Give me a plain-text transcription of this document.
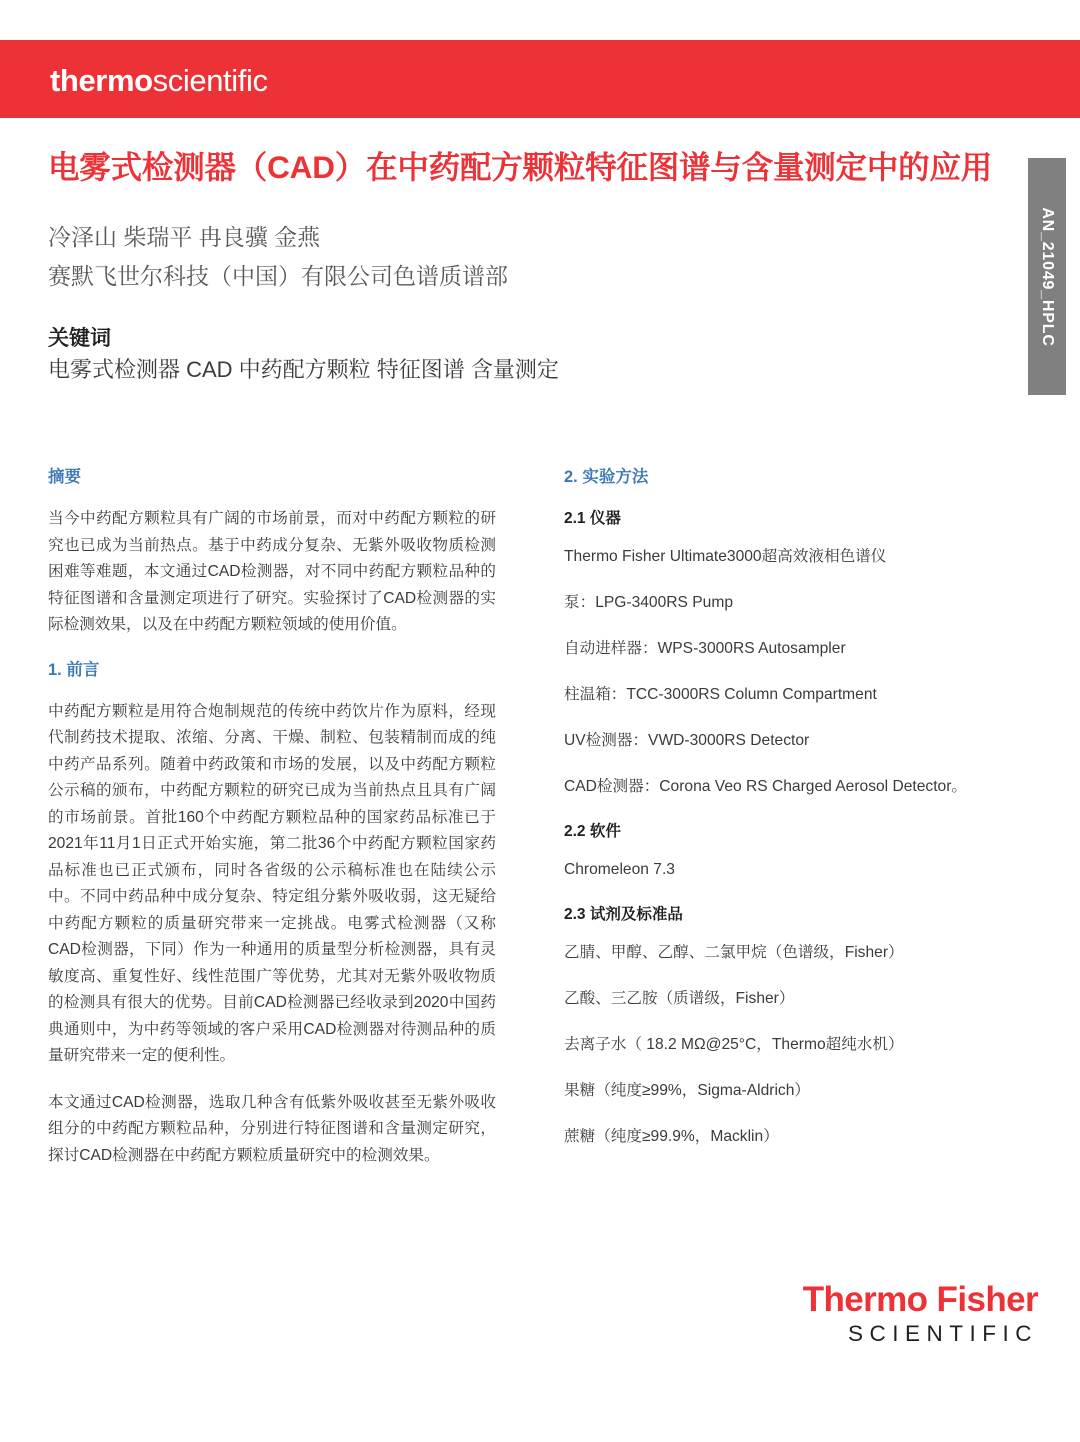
thermoscientific
AN_21049_HPLC
电雾式检测器（CAD）在中药配方颗粒特征图谱与含量测定中的应用
冷泽山 柴瑞平 冉良骥 金燕
赛默飞世尔科技（中国）有限公司色谱质谱部
关键词
电雾式检测器 CAD 中药配方颗粒 特征图谱 含量测定
摘要

当今中药配方颗粒具有广阔的市场前景，而对中药配方颗粒的研究也已成为当前热点。基于中药成分复杂、无紫外吸收物质检测困难等难题，本文通过CAD检测器，对不同中药配方颗粒品种的特征图谱和含量测定项进行了研究。实验探讨了CAD检测器的实际检测效果，以及在中药配方颗粒领域的使用价值。

1. 前言

中药配方颗粒是用符合炮制规范的传统中药饮片作为原料，经现代制药技术提取、浓缩、分离、干燥、制粒、包装精制而成的纯中药产品系列。随着中药政策和市场的发展，以及中药配方颗粒公示稿的颁布，中药配方颗粒的研究已成为当前热点且具有广阔的市场前景。首批160个中药配方颗粒品种的国家药品标准已于2021年11月1日正式开始实施，第二批36个中药配方颗粒国家药品标准也已正式颁布，同时各省级的公示稿标准也在陆续公示中。不同中药品种中成分复杂、特定组分紫外吸收弱，这无疑给中药配方颗粒的质量研究带来一定挑战。电雾式检测器（又称CAD检测器，下同）作为一种通用的质量型分析检测器，具有灵敏度高、重复性好、线性范围广等优势，尤其对无紫外吸收物质的检测具有很大的优势。目前CAD检测器已经收录到2020中国药典通则中，为中药等领域的客户采用CAD检测器对待测品种的质量研究带来一定的便利性。

本文通过CAD检测器，选取几种含有低紫外吸收甚至无紫外吸收组分的中药配方颗粒品种，分别进行特征图谱和含量测定研究，探讨CAD检测器在中药配方颗粒质量研究中的检测效果。

2. 实验方法
2.1 仪器

Thermo Fisher Ultimate3000超高效液相色谱仪

泵：LPG-3400RS Pump

自动进样器：WPS-3000RS Autosampler

柱温箱：TCC-3000RS Column Compartment

UV检测器：VWD-3000RS Detector

CAD检测器：Corona Veo RS Charged Aerosol Detector。

2.2 软件

Chromeleon 7.3

2.3 试剂及标准品

乙腈、甲醇、乙醇、二氯甲烷（色谱级，Fisher）

乙酸、三乙胺（质谱级，Fisher）

去离子水（ 18.2 MΩ@25°C，Thermo超纯水机）

果糖（纯度≥99%，Sigma-Aldrich）

蔗糖（纯度≥99.9%，Macklin）

Thermo Fisher
SCIENTIFIC
